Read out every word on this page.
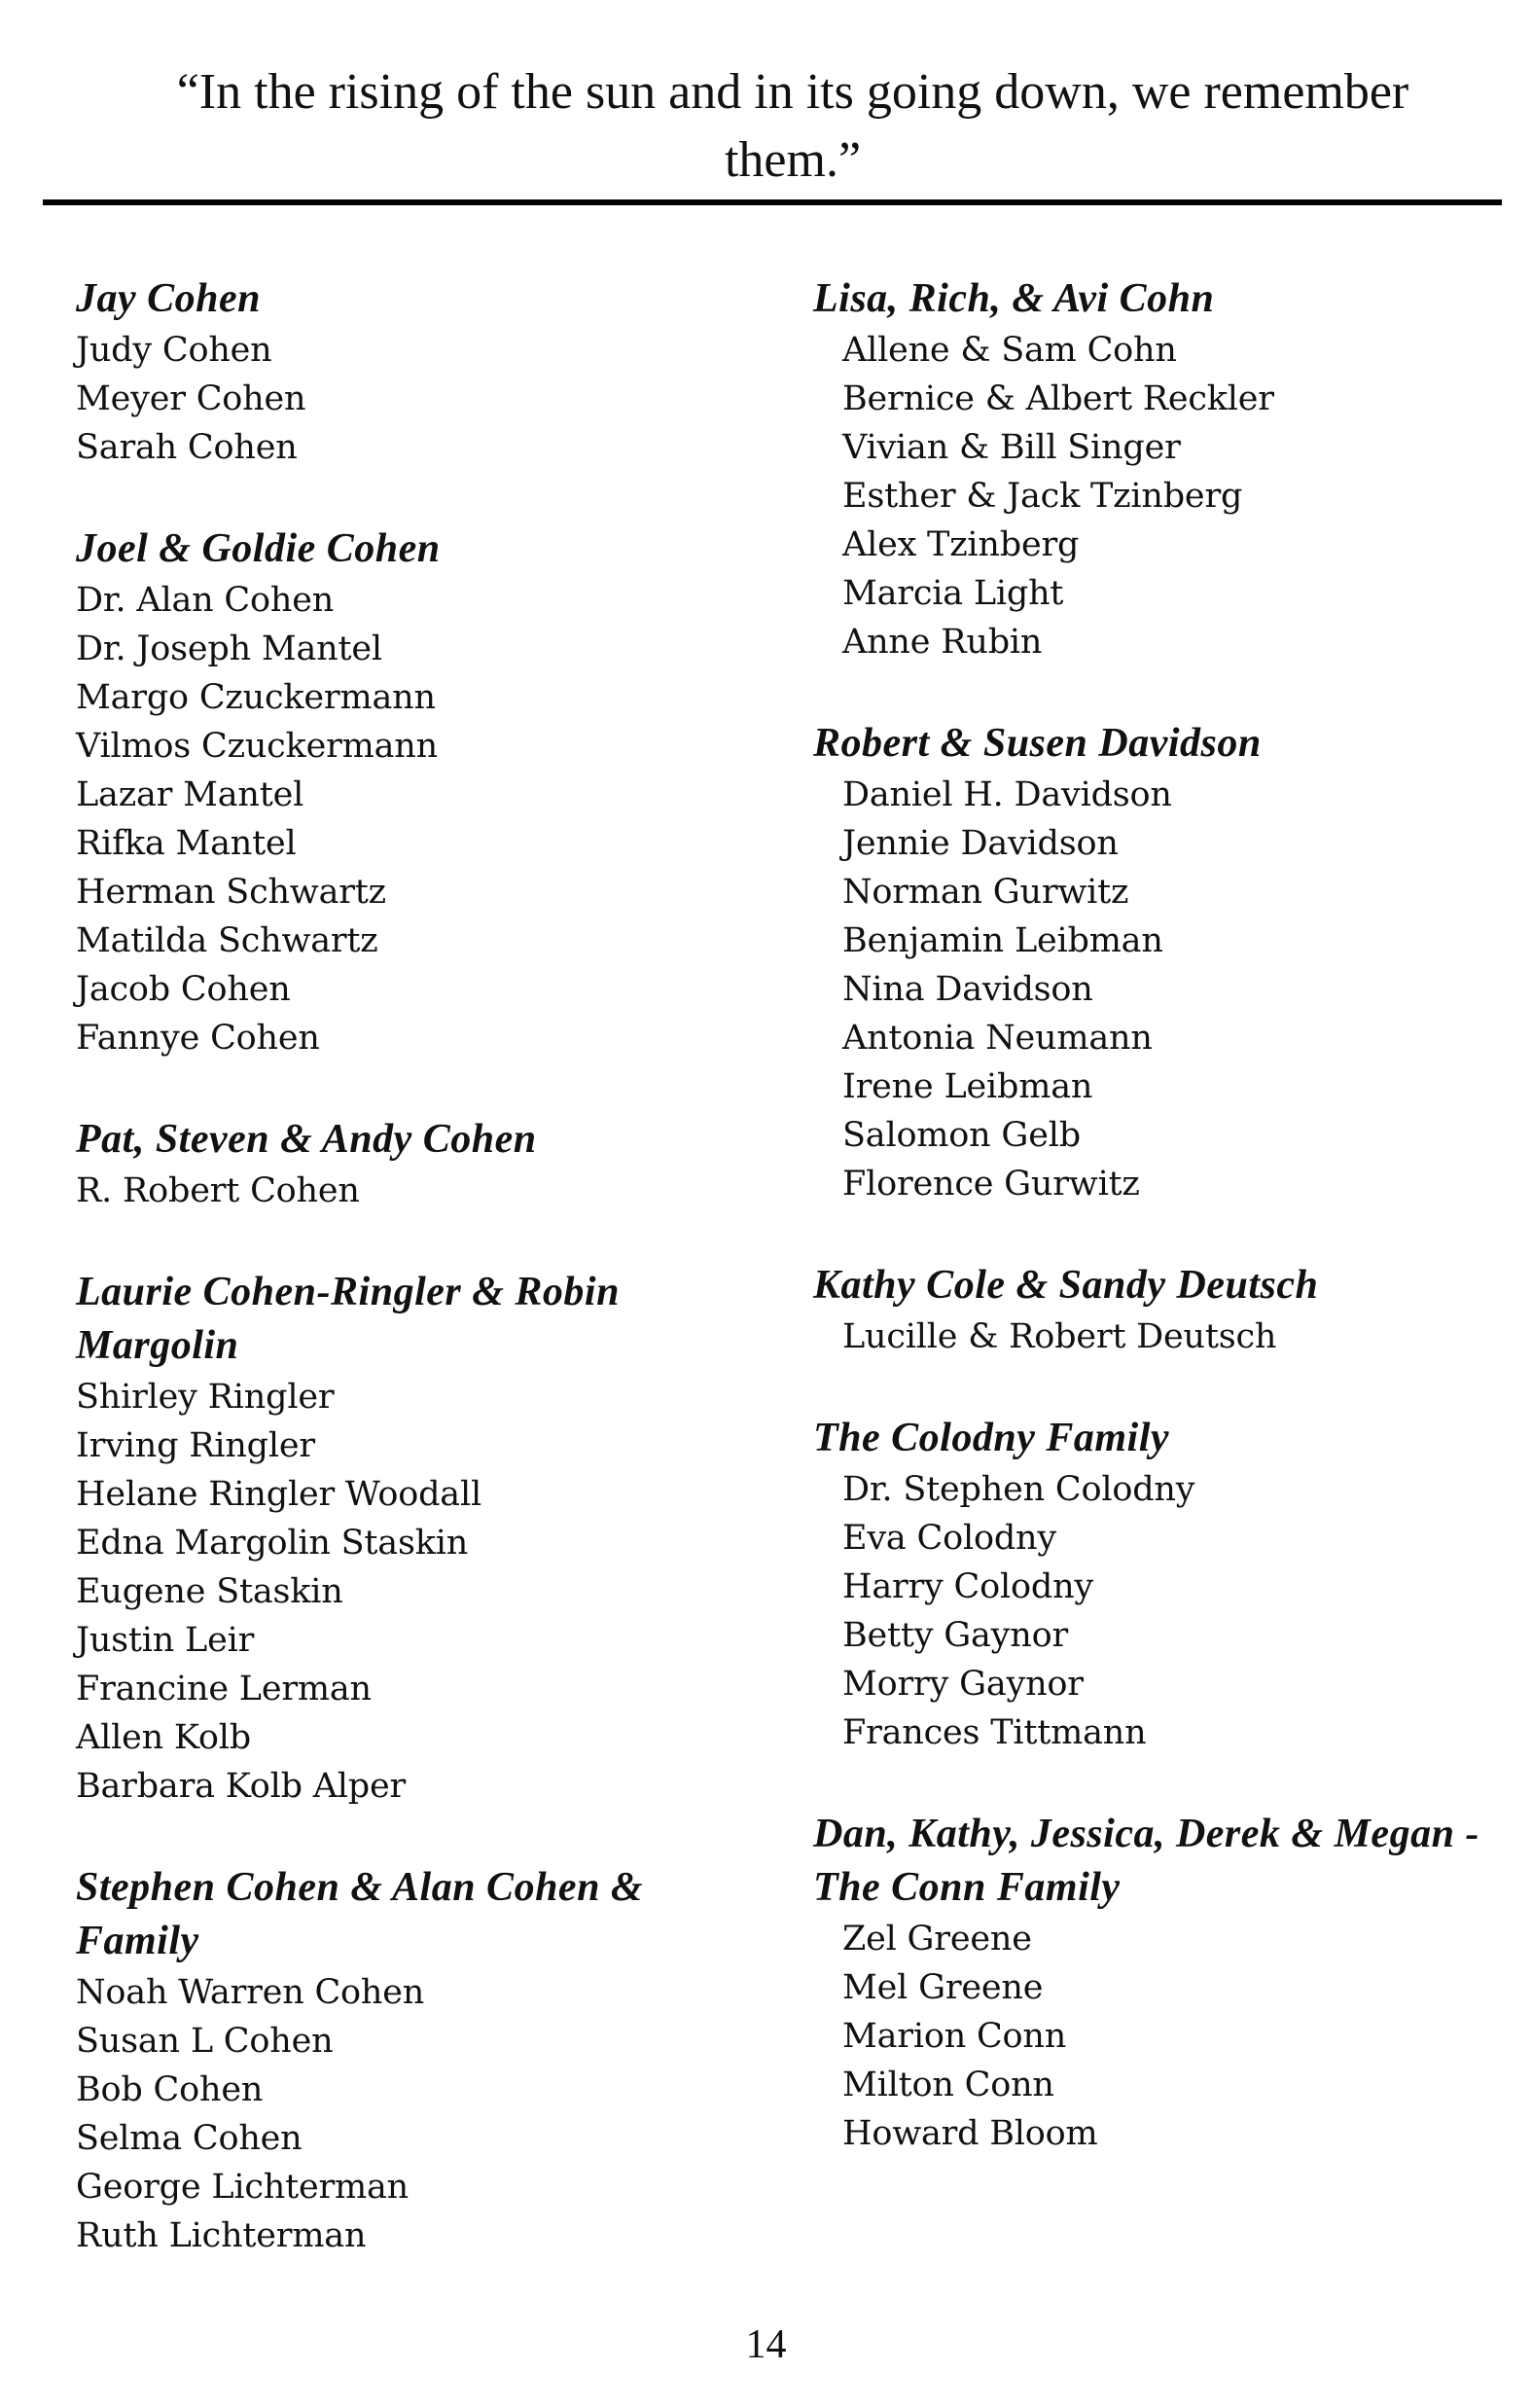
“In the rising of the sun and in its going down, we remember them.”
Jay Cohen
Judy Cohen
Meyer Cohen
Sarah Cohen
Joel & Goldie Cohen
Dr. Alan Cohen
Dr. Joseph Mantel
Margo Czuckermann
Vilmos Czuckermann
Lazar Mantel
Rifka Mantel
Herman Schwartz
Matilda Schwartz
Jacob Cohen
Fannye Cohen
Pat, Steven & Andy Cohen
R. Robert Cohen
Laurie Cohen-Ringler & Robin Margolin
Shirley Ringler
Irving Ringler
Helane Ringler Woodall
Edna Margolin Staskin
Eugene Staskin
Justin Leir
Francine Lerman
Allen Kolb
Barbara Kolb Alper
Stephen Cohen & Alan Cohen & Family
Noah Warren Cohen
Susan L Cohen
Bob Cohen
Selma Cohen
George Lichterman
Ruth Lichterman
Lisa, Rich, & Avi Cohn
Allene & Sam Cohn
Bernice & Albert Reckler
Vivian & Bill Singer
Esther & Jack Tzinberg
Alex Tzinberg
Marcia Light
Anne Rubin
Robert & Susen Davidson
Daniel H. Davidson
Jennie Davidson
Norman Gurwitz
Benjamin Leibman
Nina Davidson
Antonia Neumann
Irene Leibman
Salomon Gelb
Florence Gurwitz
Kathy Cole & Sandy Deutsch
Lucille & Robert Deutsch
The Colodny Family
Dr. Stephen Colodny
Eva Colodny
Harry Colodny
Betty Gaynor
Morry Gaynor
Frances Tittmann
Dan, Kathy, Jessica, Derek & Megan - The Conn Family
Zel Greene
Mel Greene
Marion Conn
Milton Conn
Howard Bloom
14
